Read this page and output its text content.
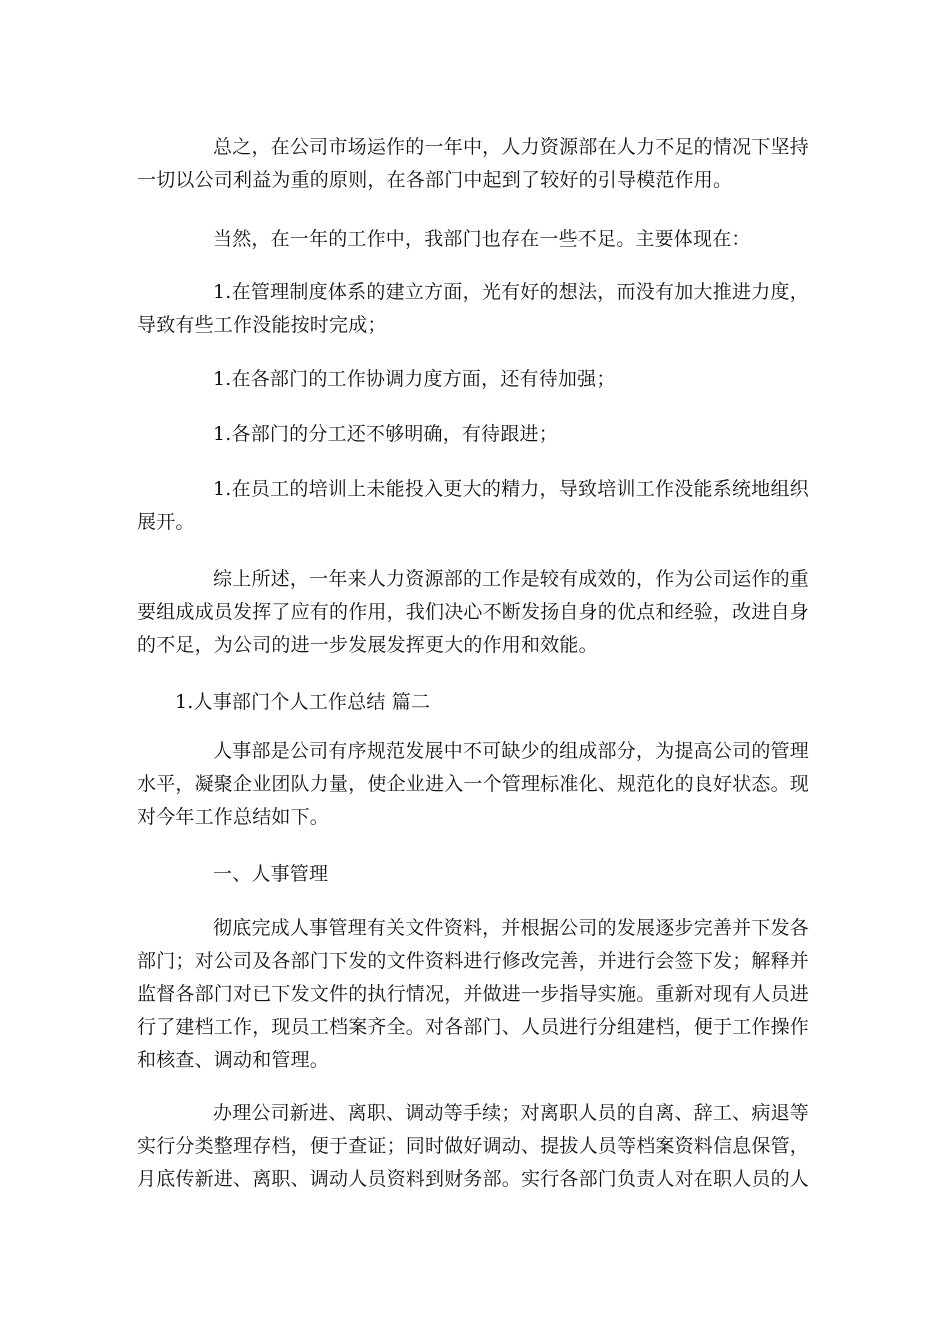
总之，在公司市场运作的一年中，人力资源部在人力不足的情况下坚持一切以公司利益为重的原则，在各部门中起到了较好的引导模范作用。

当然，在一年的工作中，我部门也存在一些不足。主要体现在：

1.在管理制度体系的建立方面，光有好的想法，而没有加大推进力度，导致有些工作没能按时完成；

1.在各部门的工作协调力度方面，还有待加强；

1.各部门的分工还不够明确，有待跟进；

1.在员工的培训上未能投入更大的精力，导致培训工作没能系统地组织展开。

综上所述，一年来人力资源部的工作是较有成效的，作为公司运作的重要组成成员发挥了应有的作用，我们决心不断发扬自身的优点和经验，改进自身的不足，为公司的进一步发展发挥更大的作用和效能。

1.人事部门个人工作总结 篇二

人事部是公司有序规范发展中不可缺少的组成部分，为提高公司的管理水平，凝聚企业团队力量，使企业进入一个管理标准化、规范化的良好状态。现对今年工作总结如下。

一、人事管理

彻底完成人事管理有关文件资料，并根据公司的发展逐步完善并下发各部门；对公司及各部门下发的文件资料进行修改完善，并进行会签下发；解释并监督各部门对已下发文件的执行情况，并做进一步指导实施。重新对现有人员进行了建档工作，现员工档案齐全。对各部门、人员进行分组建档，便于工作操作和核查、调动和管理。

办理公司新进、离职、调动等手续；对离职人员的自离、辞工、病退等实行分类整理存档，便于查证；同时做好调动、提拔人员等档案资料信息保管，月底传新进、离职、调动人员资料到财务部。实行各部门负责人对在职人员的人
